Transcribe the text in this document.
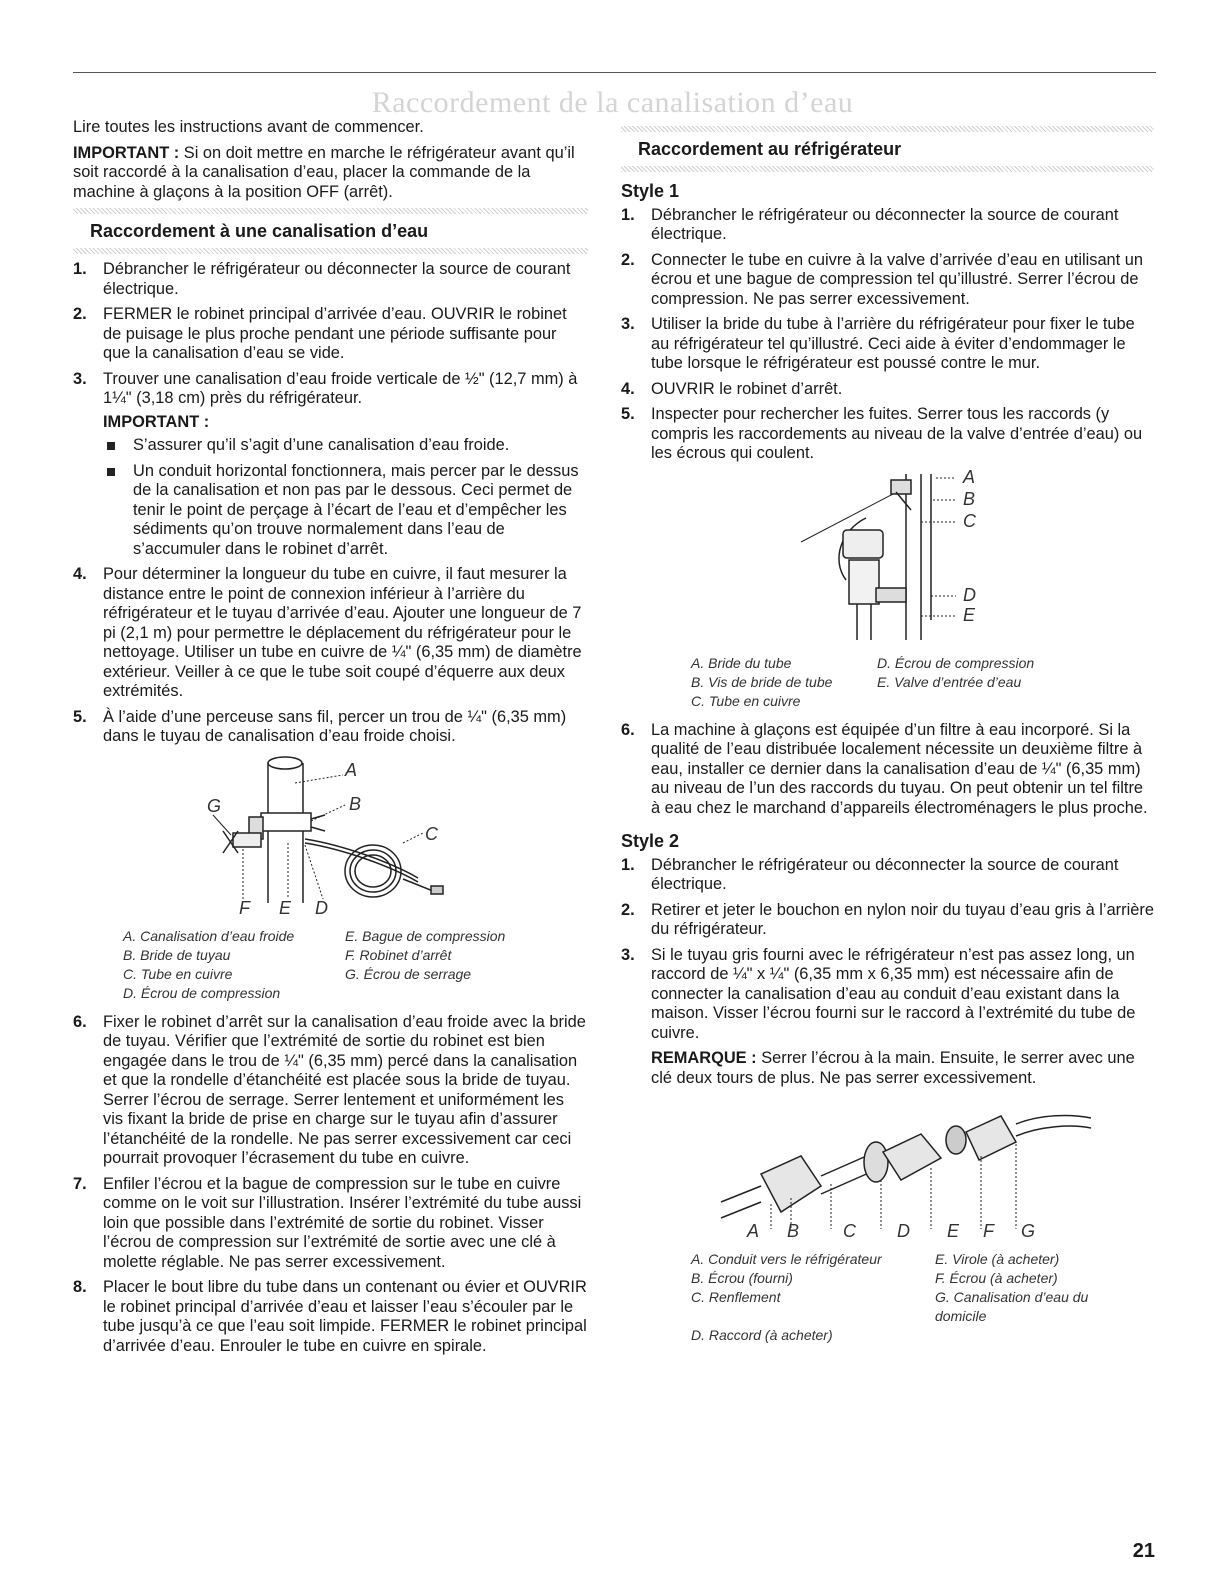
Raccordement de la canalisation d’eau

Lire toutes les instructions avant de commencer.

IMPORTANT : Si on doit mettre en marche le réfrigérateur avant qu’il soit raccordé à la canalisation d’eau, placer la commande de la machine à glaçons à la position OFF (arrêt).

Raccordement à une canalisation d’eau
1. Débrancher le réfrigérateur ou déconnecter la source de courant électrique.
2. FERMER le robinet principal d’arrivée d’eau. OUVRIR le robinet de puisage le plus proche pendant une période suffisante pour que la canalisation d’eau se vide.
3. Trouver une canalisation d’eau froide verticale de ½" (12,7 mm) à 1¼" (3,18 cm) près du réfrigérateur.
IMPORTANT :
S’assurer qu’il s’agit d’une canalisation d’eau froide.
Un conduit horizontal fonctionnera, mais percer par le dessus de la canalisation et non pas par le dessous. Ceci permet de tenir le point de perçage à l’écart de l’eau et d’empêcher les sédiments qu’on trouve normalement dans l’eau de s’accumuler dans le robinet d’arrêt.
4. Pour déterminer la longueur du tube en cuivre, il faut mesurer la distance entre le point de connexion inférieur à l’arrière du réfrigérateur et le tuyau d’arrivée d’eau. Ajouter une longueur de 7 pi (2,1 m) pour permettre le déplacement du réfrigérateur pour le nettoyage. Utiliser un tube en cuivre de ¼" (6,35 mm) de diamètre extérieur. Veiller à ce que le tube soit coupé d’équerre aux deux extrémités.
5. À l’aide d’une perceuse sans fil, percer un trou de ¼" (6,35 mm) dans le tuyau de canalisation d’eau froide choisi.
A
B
C
D
E
F
G
A. Canalisation d’eau froide	E. Bague de compression
B. Bride de tuyau	F. Robinet d’arrêt
C. Tube en cuivre	G. Écrou de serrage
D. Écrou de compression
6. Fixer le robinet d’arrêt sur la canalisation d’eau froide avec la bride de tuyau. Vérifier que l’extrémité de sortie du robinet est bien engagée dans le trou de ¼" (6,35 mm) percé dans la canalisation et que la rondelle d’étanchéité est placée sous la bride de tuyau. Serrer l’écrou de serrage. Serrer lentement et uniformément les vis fixant la bride de prise en charge sur le tuyau afin d’assurer l’étanchéité de la rondelle. Ne pas serrer excessivement car ceci pourrait provoquer l’écrasement du tube en cuivre.
7. Enfiler l’écrou et la bague de compression sur le tube en cuivre comme on le voit sur l’illustration. Insérer l’extrémité du tube aussi loin que possible dans l’extrémité de sortie du robinet. Visser l’écrou de compression sur l’extrémité de sortie avec une clé à molette réglable. Ne pas serrer excessivement.
8. Placer le bout libre du tube dans un contenant ou évier et OUVRIR le robinet principal d’arrivée d’eau et laisser l’eau s’écouler par le tube jusqu’à ce que l’eau soit limpide. FERMER le robinet principal d’arrivée d’eau. Enrouler le tube en cuivre en spirale.
Raccordement au réfrigérateur
Style 1
1. Débrancher le réfrigérateur ou déconnecter la source de courant électrique.
2. Connecter le tube en cuivre à la valve d’arrivée d’eau en utilisant un écrou et une bague de compression tel qu’illustré. Serrer l’écrou de compression. Ne pas serrer excessivement.
3. Utiliser la bride du tube à l’arrière du réfrigérateur pour fixer le tube au réfrigérateur tel qu’illustré. Ceci aide à éviter d’endommager le tube lorsque le réfrigérateur est poussé contre le mur.
4. OUVRIR le robinet d’arrêt.
5. Inspecter pour rechercher les fuites. Serrer tous les raccords (y compris les raccordements au niveau de la valve d’entrée d’eau) ou les écrous qui coulent.
A
B
C
D
E
A. Bride du tube	D. Écrou de compression
B. Vis de bride de tube	E. Valve d’entrée d’eau
C. Tube en cuivre
6. La machine à glaçons est équipée d’un filtre à eau incorporé. Si la qualité de l’eau distribuée localement nécessite un deuxième filtre à eau, installer ce dernier dans la canalisation d’eau de ¼" (6,35 mm) au niveau de l’un des raccords du tuyau. On peut obtenir un tel filtre à eau chez le marchand d’appareils électroménagers le plus proche.
Style 2
1. Débrancher le réfrigérateur ou déconnecter la source de courant électrique.
2. Retirer et jeter le bouchon en nylon noir du tuyau d’eau gris à l’arrière du réfrigérateur.
3. Si le tuyau gris fourni avec le réfrigérateur n’est pas assez long, un raccord de ¼" x ¼" (6,35 mm x 6,35 mm) est nécessaire afin de connecter la canalisation d’eau au conduit d’eau existant dans la maison. Visser l’écrou fourni sur le raccord à l’extrémité du tube de cuivre.

REMARQUE : Serrer l’écrou à la main. Ensuite, le serrer avec une clé deux tours de plus. Ne pas serrer excessivement.

A B C D E F G
A. Conduit vers le réfrigérateur	E. Virole (à acheter)
B. Écrou (fourni)	F. Écrou (à acheter)
C. Renflement	G. Canalisation d’eau du domicile
D. Raccord (à acheter)
21
